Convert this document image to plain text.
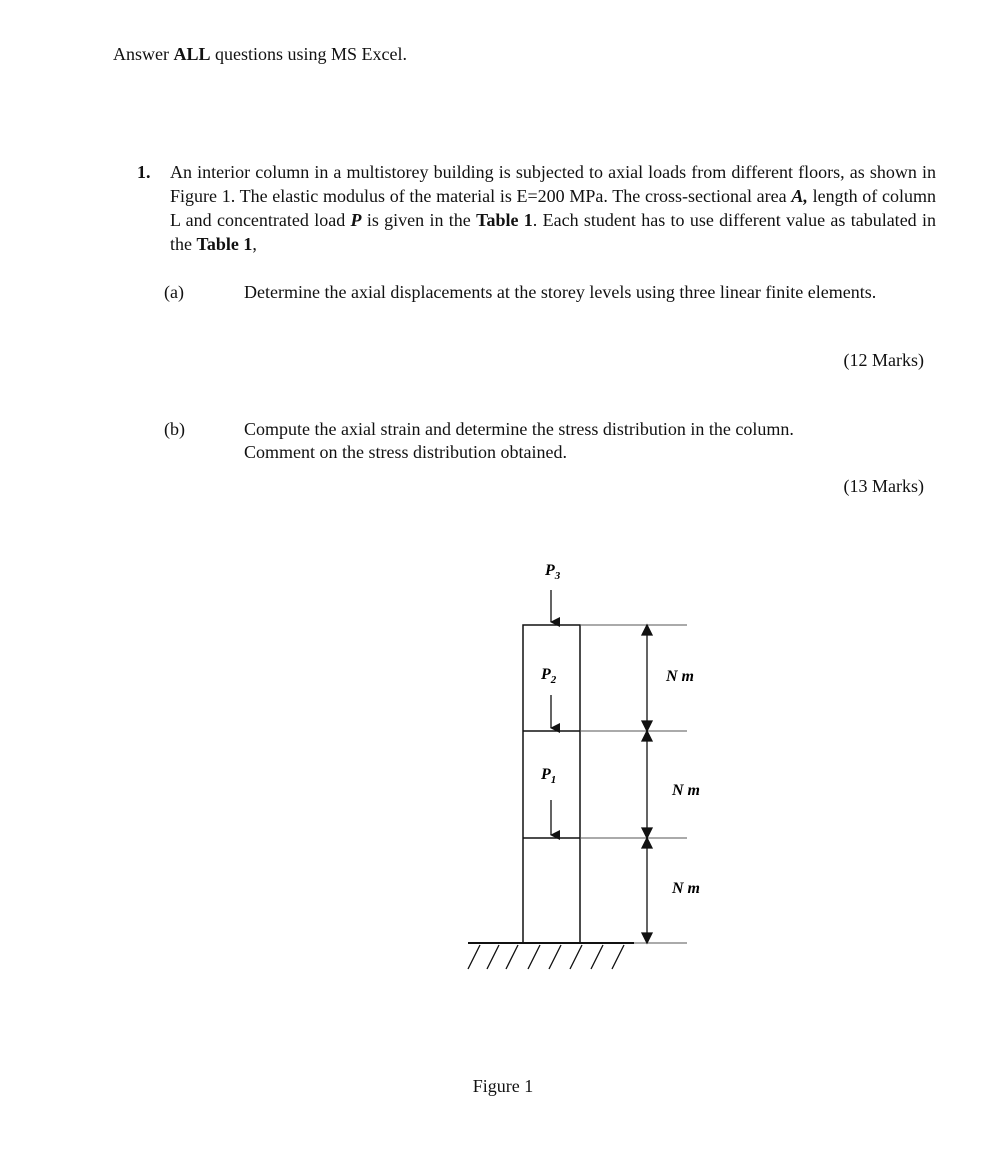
Answer ALL questions using MS Excel.
1. An interior column in a multistorey building is subjected to axial loads from different floors, as shown in Figure 1. The elastic modulus of the material is E=200 MPa. The cross-sectional area A, length of column L and concentrated load P is given in the Table 1. Each student has to use different value as tabulated in the Table 1,
(a)	Determine the axial displacements at the storey levels using three linear finite elements.
(12 Marks)
(b)	Compute the axial strain and determine the stress distribution in the column.
Comment on the stress distribution obtained.
(13 Marks)
$P_3$
$P_2$
$P_1$
N m
N m
N m
Figure 1
